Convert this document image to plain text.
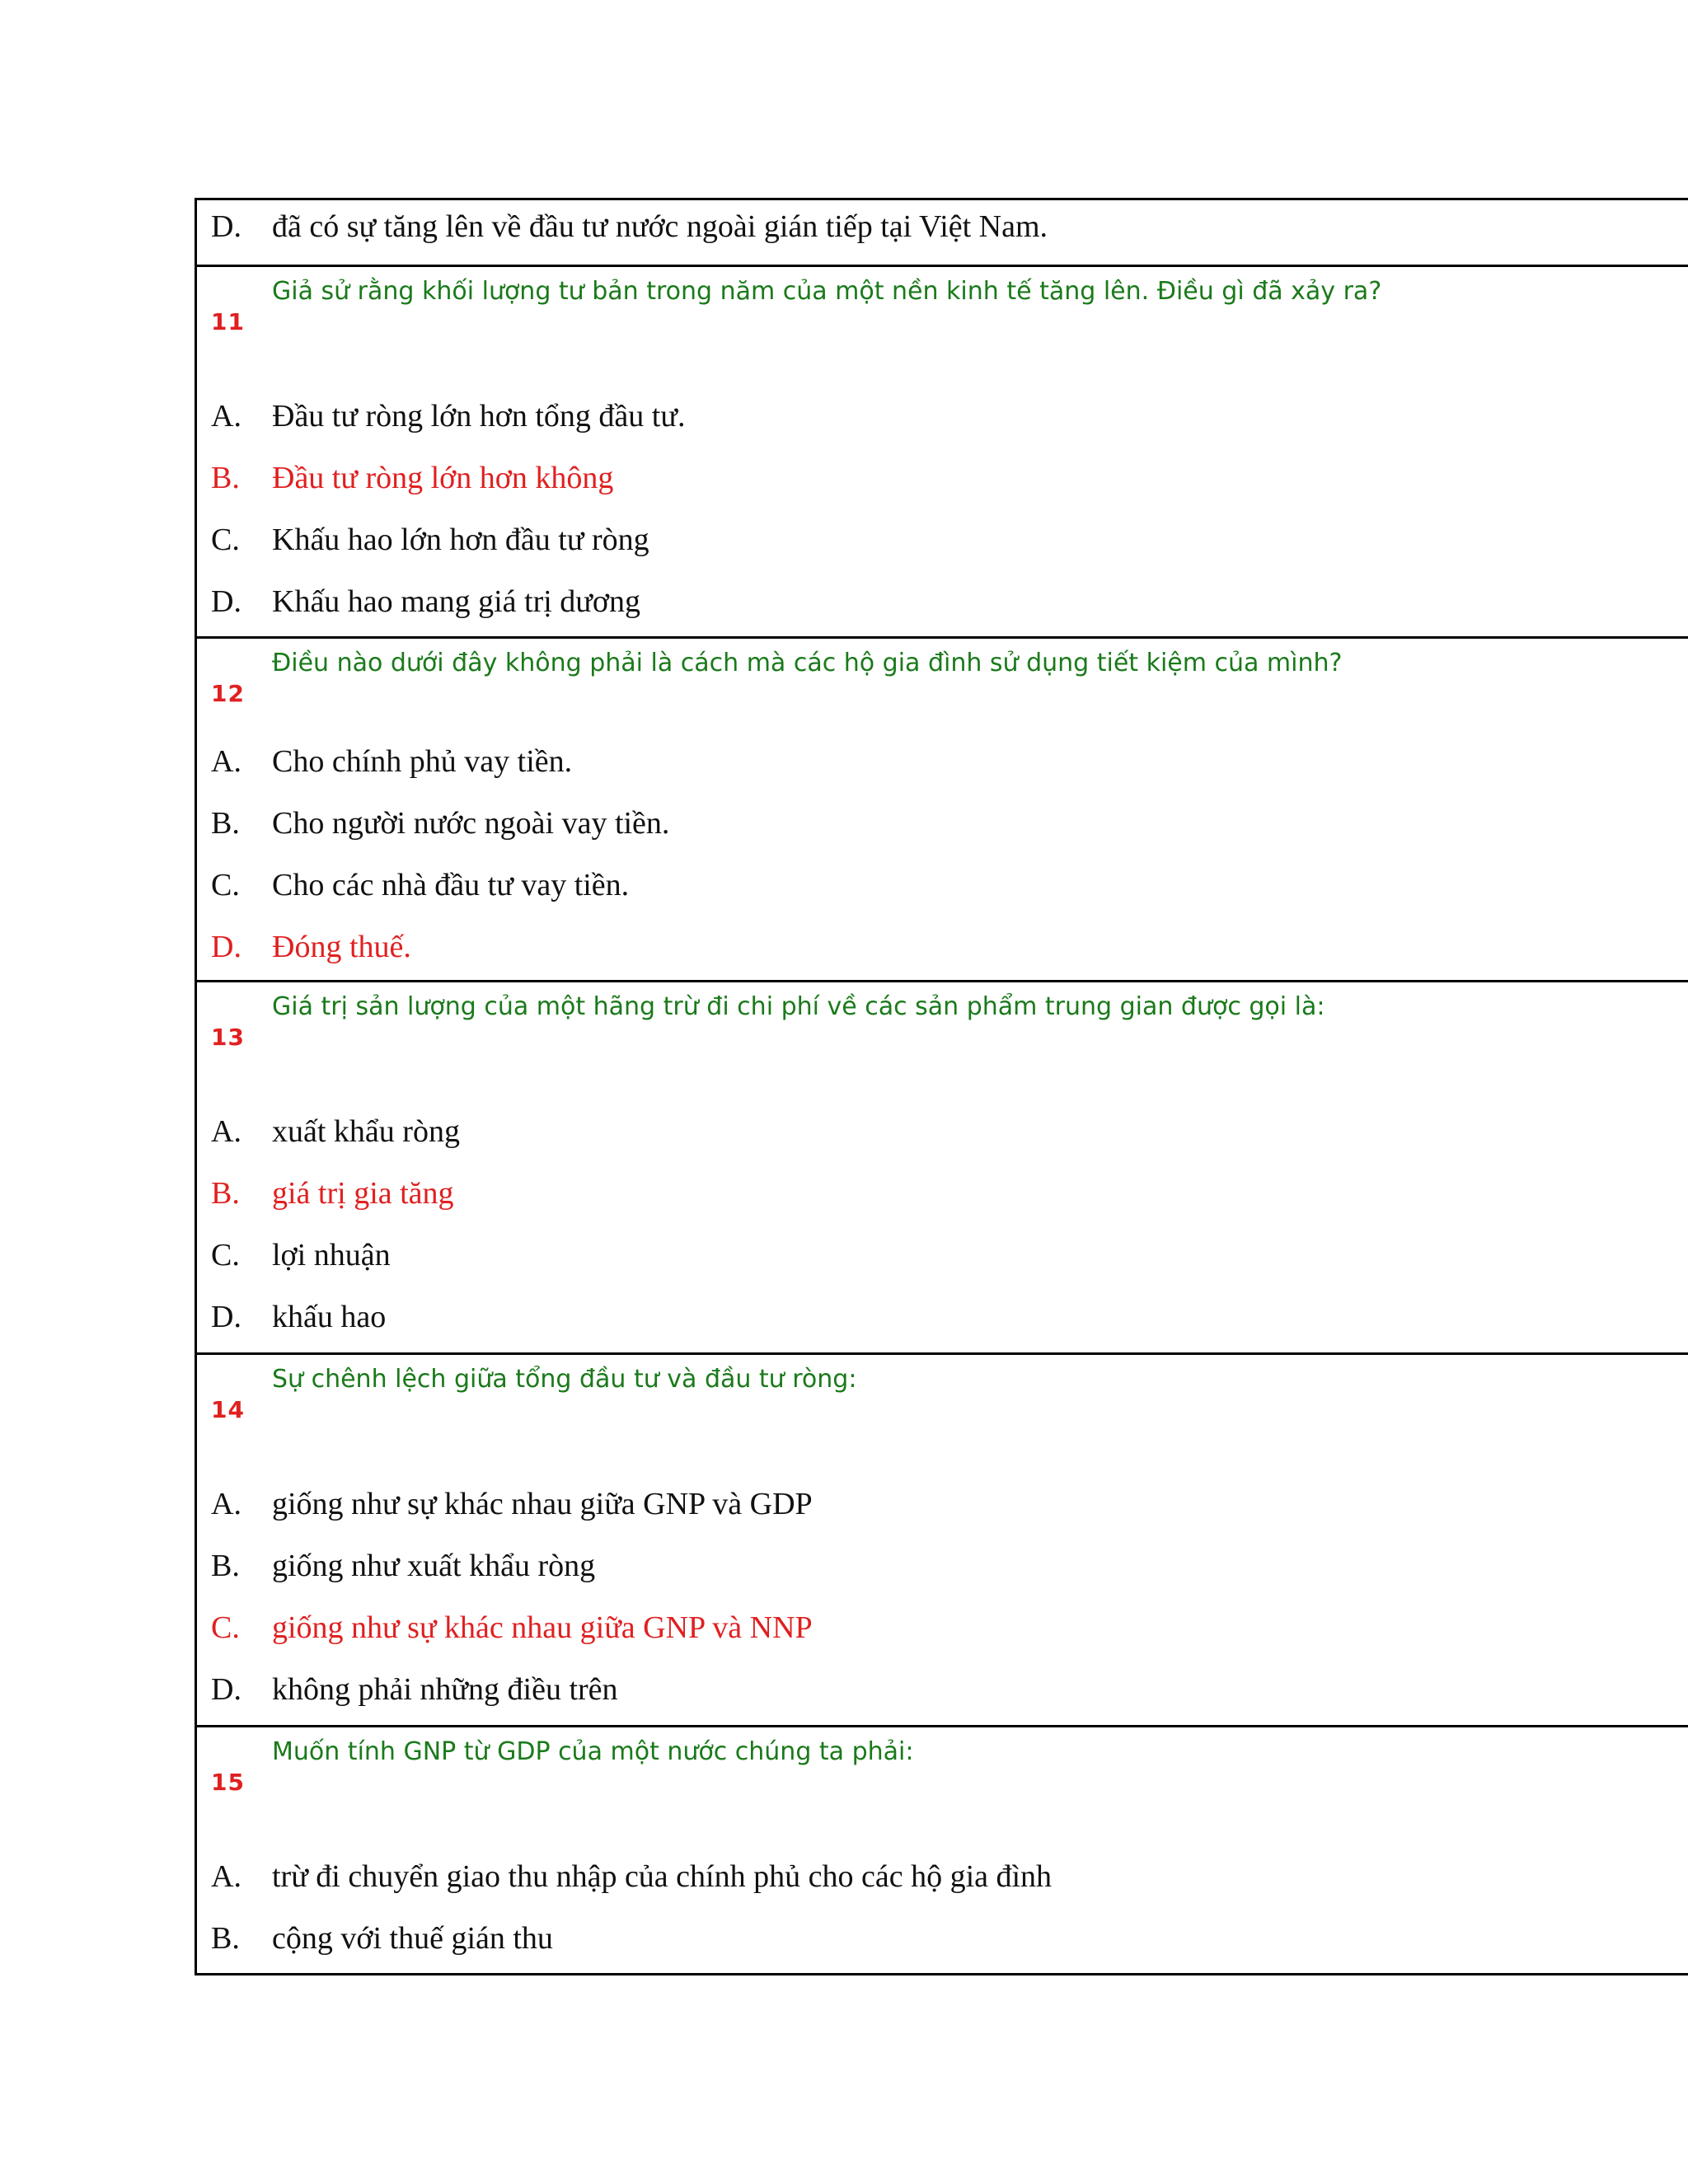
D. đã có sự tăng lên về đầu tư nước ngoài gián tiếp tại Việt Nam.
Giả sử rằng khối lượng tư bản trong năm của một nền kinh tế tăng lên. Điều gì đã xảy ra?
11
A. Đầu tư ròng lớn hơn tổng đầu tư.
B. Đầu tư ròng lớn hơn không
C. Khấu hao lớn hơn đầu tư ròng
D. Khấu hao mang giá trị dương
Điều nào dưới đây không phải là cách mà các hộ gia đình sử dụng tiết kiệm của mình?
12
A. Cho chính phủ vay tiền.
B. Cho người nước ngoài vay tiền.
C. Cho các nhà đầu tư vay tiền.
D. Đóng thuế.
Giá trị sản lượng của một hãng trừ đi chi phí về các sản phẩm trung gian được gọi là:
13
A. xuất khẩu ròng
B. giá trị gia tăng
C. lợi nhuận
D. khấu hao
Sự chênh lệch giữa tổng đầu tư và đầu tư ròng:
14
A. giống như sự khác nhau giữa GNP và GDP
B. giống như xuất khẩu ròng
C. giống như sự khác nhau giữa GNP và NNP
D. không phải những điều trên
Muốn tính GNP từ GDP của một nước chúng ta phải:
15
A. trừ đi chuyển giao thu nhập của chính phủ cho các hộ gia đình
B. cộng với thuế gián thu
